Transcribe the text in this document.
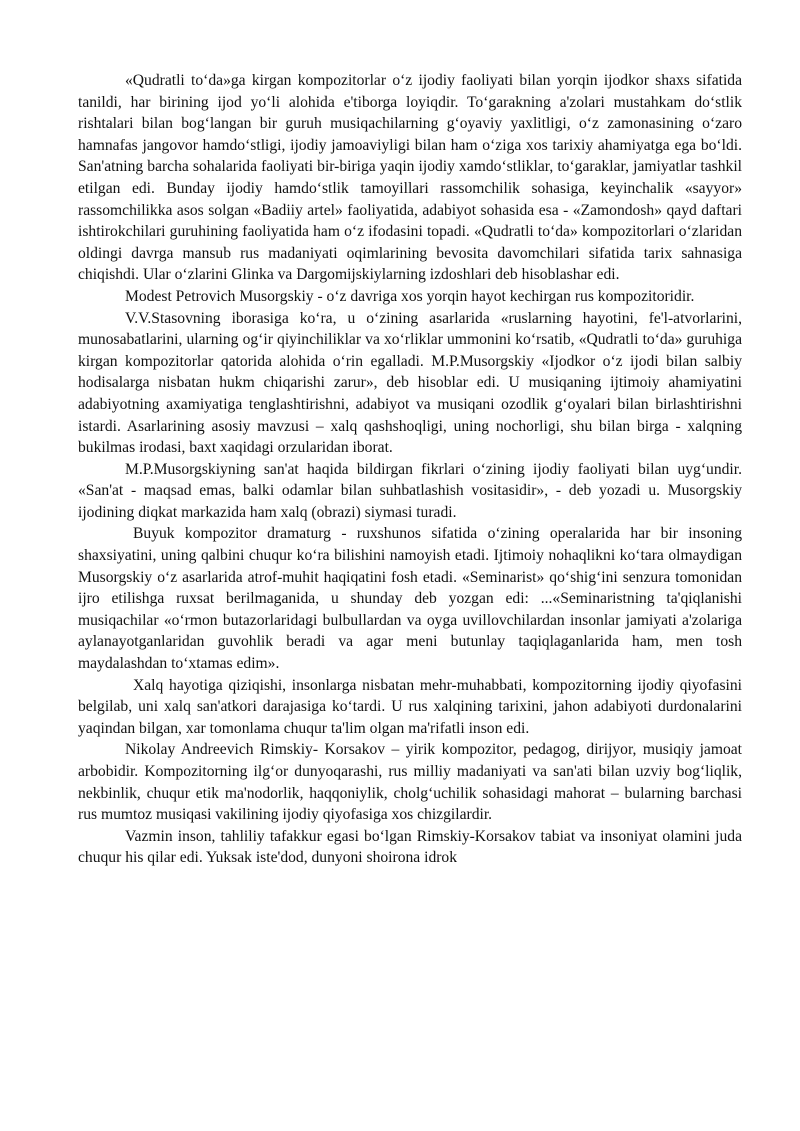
«Qudratli toʻda»ga kirgan kompozitorlar oʻz ijodiy faoliyati bilan yorqin ijodkor shaxs sifatida tanildi, har birining ijod yoʻli alohida e'tiborga loyiqdir. Toʻgarakning a'zolari mustahkam doʻstlik rishtalari bilan bogʻlangan bir guruh musiqachilarning gʻoyaviy yaxlitligi, oʻz zamonasining oʻzaro hamnafas jangovor hamdoʻstligi, ijodiy jamoaviyligi bilan ham oʻziga xos tarixiy ahamiyatga ega boʻldi. San'atning barcha sohalarida faoliyati bir-biriga yaqin ijodiy xamdoʻstliklar, toʻgaraklar, jamiyatlar tashkil etilgan edi. Bunday ijodiy hamdoʻstlik tamoyillari rassomchilik sohasiga, keyinchalik «sayyor» rassomchilikka asos solgan «Badiiy artel» faoliyatida, adabiyot sohasida esa - «Zamondosh» qayd daftari ishtirokchilari guruhining faoliyatida ham oʻz ifodasini topadi. «Qudratli toʻda» kompozitorlari oʻzlaridan oldingi davrga mansub rus madaniyati oqimlarining bevosita davomchilari sifatida tarix sahnasiga chiqishdi. Ular oʻzlarini Glinka va Dargomijskiylarning izdoshlari deb hisoblashar edi.

Modest Petrovich Musorgskiy - oʻz davriga xos yorqin hayot kechirgan rus kompozitoridir.

V.V.Stasovning iborasiga koʻra, u oʻzining asarlarida «ruslarning hayotini, fe'l-atvorlarini, munosabatlarini, ularning ogʻir qiyinchiliklar va xoʻrliklar ummonini koʻrsatib, «Qudratli toʻda» guruhiga kirgan kompozitorlar qatorida alohida oʻrin egalladi. M.P.Musorgskiy «Ijodkor oʻz ijodi bilan salbiy hodisalarga nisbatan hukm chiqarishi zarur», deb hisoblar edi. U musiqaning ijtimoiy ahamiyatini adabiyotning axamiyatiga tenglashtirishni, adabiyot va musiqani ozodlik gʻoyalari bilan birlashtirishni istardi. Asarlarining asosiy mavzusi – xalq qashshoqligi, uning nochorligi, shu bilan birga - xalqning bukilmas irodasi, baxt xaqidagi orzularidan iborat.

M.P.Musorgskiyning san'at haqida bildirgan fikrlari oʻzining ijodiy faoliyati bilan uygʻundir. «San'at - maqsad emas, balki odamlar bilan suhbatlashish vositasidir», - deb yozadi u. Musorgskiy ijodining diqkat markazida ham xalq (obrazi) siymasi turadi.

Buyuk kompozitor dramaturg - ruxshunos sifatida oʻzining operalarida har bir insoning shaxsiyatini, uning qalbini chuqur koʻra bilishini namoyish etadi. Ijtimoiy nohaqlikni koʻtara olmaydigan Musorgskiy oʻz asarlarida atrof-muhit haqiqatini fosh etadi. «Seminarist» qoʻshigʻini senzura tomonidan ijro etilishga ruxsat berilmaganida, u shunday deb yozgan edi: ...«Seminaristning ta'qiqlanishi musiqachilar «oʻrmon butazorlaridagi bulbullardan va oyga uvillovchilardan insonlar jamiyati a'zolariga aylanayotganlaridan guvohlik beradi va agar meni butunlay taqiqlaganlarida ham, men tosh maydalashdan toʻxtamas edim».

Xalq hayotiga qiziqishi, insonlarga nisbatan mehr-muhabbati, kompozitorning ijodiy qiyofasini belgilab, uni xalq san'atkori darajasiga koʻtardi. U rus xalqining tarixini, jahon adabiyoti durdonalarini yaqindan bilgan, xar tomonlama chuqur ta'lim olgan ma'rifatli inson edi.

Nikolay Andreevich Rimskiy- Korsakov – yirik kompozitor, pedagog, dirijyor, musiqiy jamoat arbobidir. Kompozitorning ilgʻor dunyoqarashi, rus milliy madaniyati va san'ati bilan uzviy bogʻliqlik, nekbinlik, chuqur etik ma'nodorlik, haqqoniylik, cholgʻuchilik sohasidagi mahorat – bularning barchasi rus mumtoz musiqasi vakilining ijodiy qiyofasiga xos chizgilardir.

Vazmin inson, tahliliy tafakkur egasi boʻlgan Rimskiy-Korsakov tabiat va insoniyat olamini juda chuqur his qilar edi. Yuksak iste'dod, dunyoni shoirona idrok
